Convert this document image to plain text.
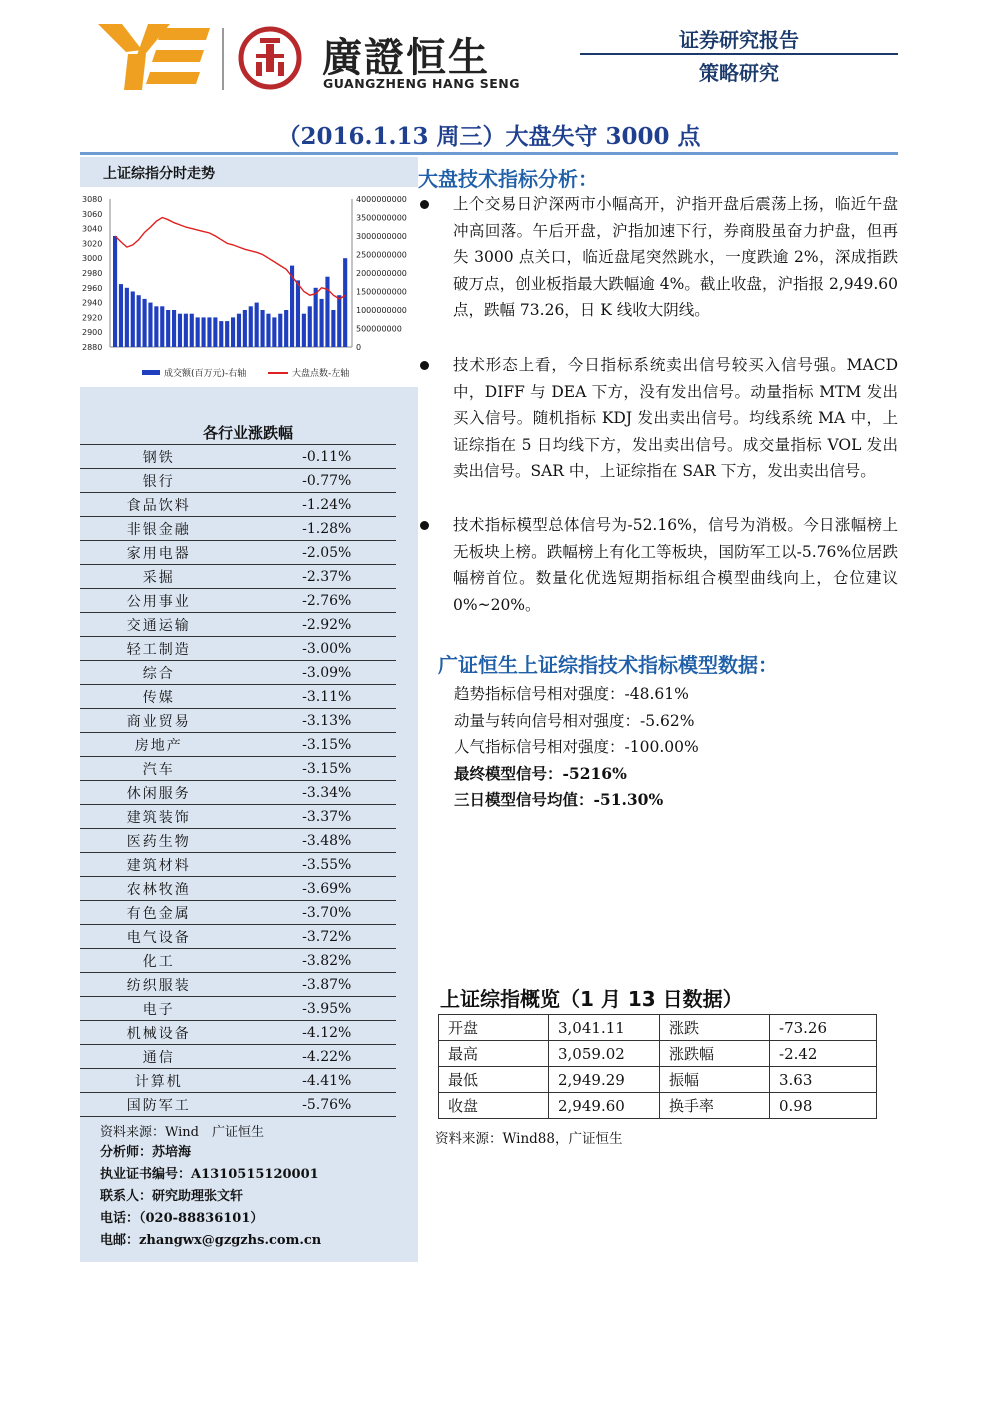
廣證恒生
GUANGZHENG HANG SENG
证券研究报告
策略研究
（2016.1.13 周三）大盘失守 3000 点
上证综指分时走势
3080
3060
3040
3020
3000
2980
2960
2940
2920
2900
2880
4000000000
3500000000
3000000000
2500000000
2000000000
1500000000
1000000000
500000000
0
成交额(百万元)-右轴	大盘点数-左轴
各行业涨跌幅
钢铁	-0.11%
银行	-0.77%
食品饮料	-1.24%
非银金融	-1.28%
家用电器	-2.05%
采掘	-2.37%
公用事业	-2.76%
交通运输	-2.92%
轻工制造	-3.00%
综合	-3.09%
传媒	-3.11%
商业贸易	-3.13%
房地产	-3.15%
汽车	-3.15%
休闲服务	-3.34%
建筑装饰	-3.37%
医药生物	-3.48%
建筑材料	-3.55%
农林牧渔	-3.69%
有色金属	-3.70%
电气设备	-3.72%
化工	-3.82%
纺织服装	-3.87%
电子	-3.95%
机械设备	-4.12%
通信	-4.22%
计算机	-4.41%
国防军工	-5.76%
资料来源：Wind　广证恒生
分析师：苏培海
执业证书编号：A1310515120001
联系人：研究助理张文轩
电话：（020-88836101）
电邮：zhangwx@gzgzhs.com.cn
大盘技术指标分析：
上个交易日沪深两市小幅高开，沪指开盘后震荡上扬，临近午盘冲高回落。午后开盘，沪指加速下行，券商股虽奋力护盘，但再失 3000 点关口，临近盘尾突然跳水，一度跌逾 2%，深成指跌破万点，创业板指最大跌幅逾 4%。截止收盘，沪指报 2,949.60 点，跌幅 73.26，日 K 线收大阴线。
技术形态上看，今日指标系统卖出信号较买入信号强。MACD 中，DIFF 与 DEA 下方，没有发出信号。动量指标 MTM 发出买入信号。随机指标 KDJ 发出卖出信号。均线系统 MA 中，上证综指在 5 日均线下方，发出卖出信号。成交量指标 VOL 发出卖出信号。SAR 中，上证综指在 SAR 下方，发出卖出信号。
技术指标模型总体信号为-52.16%，信号为消极。今日涨幅榜上无板块上榜。跌幅榜上有化工等板块，国防军工以-5.76%位居跌幅榜首位。数量化优选短期指标组合模型曲线向上，仓位建议 0%~20%。
广证恒生上证综指技术指标模型数据：
趋势指标信号相对强度：-48.61%
动量与转向信号相对强度：-5.62%
人气指标信号相对强度：-100.00%
最终模型信号：-5216%
三日模型信号均值：-51.30%
上证综指概览（1 月 13 日数据）
开盘	3,041.11	涨跌	-73.26
最高	3,059.02	涨跌幅	-2.42
最低	2,949.29	振幅	3.63
收盘	2,949.60	换手率	0.98
资料来源：Wind88，广证恒生
